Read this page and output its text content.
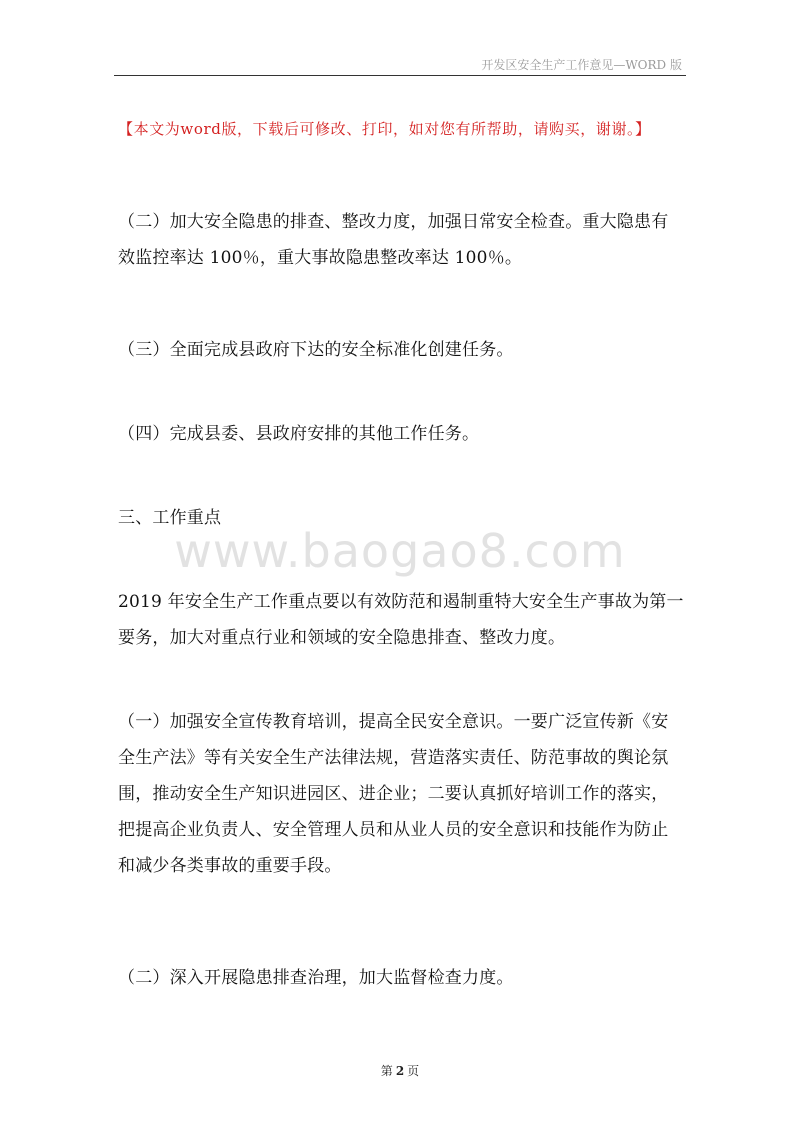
开发区安全生产工作意见—WORD 版
【本文为word版，下载后可修改、打印，如对您有所帮助，请购买，谢谢。】
（二）加大安全隐患的排查、整改力度，加强日常安全检查。重大隐患有效监控率达 100％，重大事故隐患整改率达 100％。
（三）全面完成县政府下达的安全标准化创建任务。
（四）完成县委、县政府安排的其他工作任务。
三、工作重点
www.baogao8.com
2019 年安全生产工作重点要以有效防范和遏制重特大安全生产事故为第一要务，加大对重点行业和领域的安全隐患排查、整改力度。
（一）加强安全宣传教育培训，提高全民安全意识。一要广泛宣传新《安全生产法》等有关安全生产法律法规，营造落实责任、防范事故的舆论氛围，推动安全生产知识进园区、进企业；二要认真抓好培训工作的落实，把提高企业负责人、安全管理人员和从业人员的安全意识和技能作为防止和减少各类事故的重要手段。
（二）深入开展隐患排查治理，加大监督检查力度。
第 2 页
